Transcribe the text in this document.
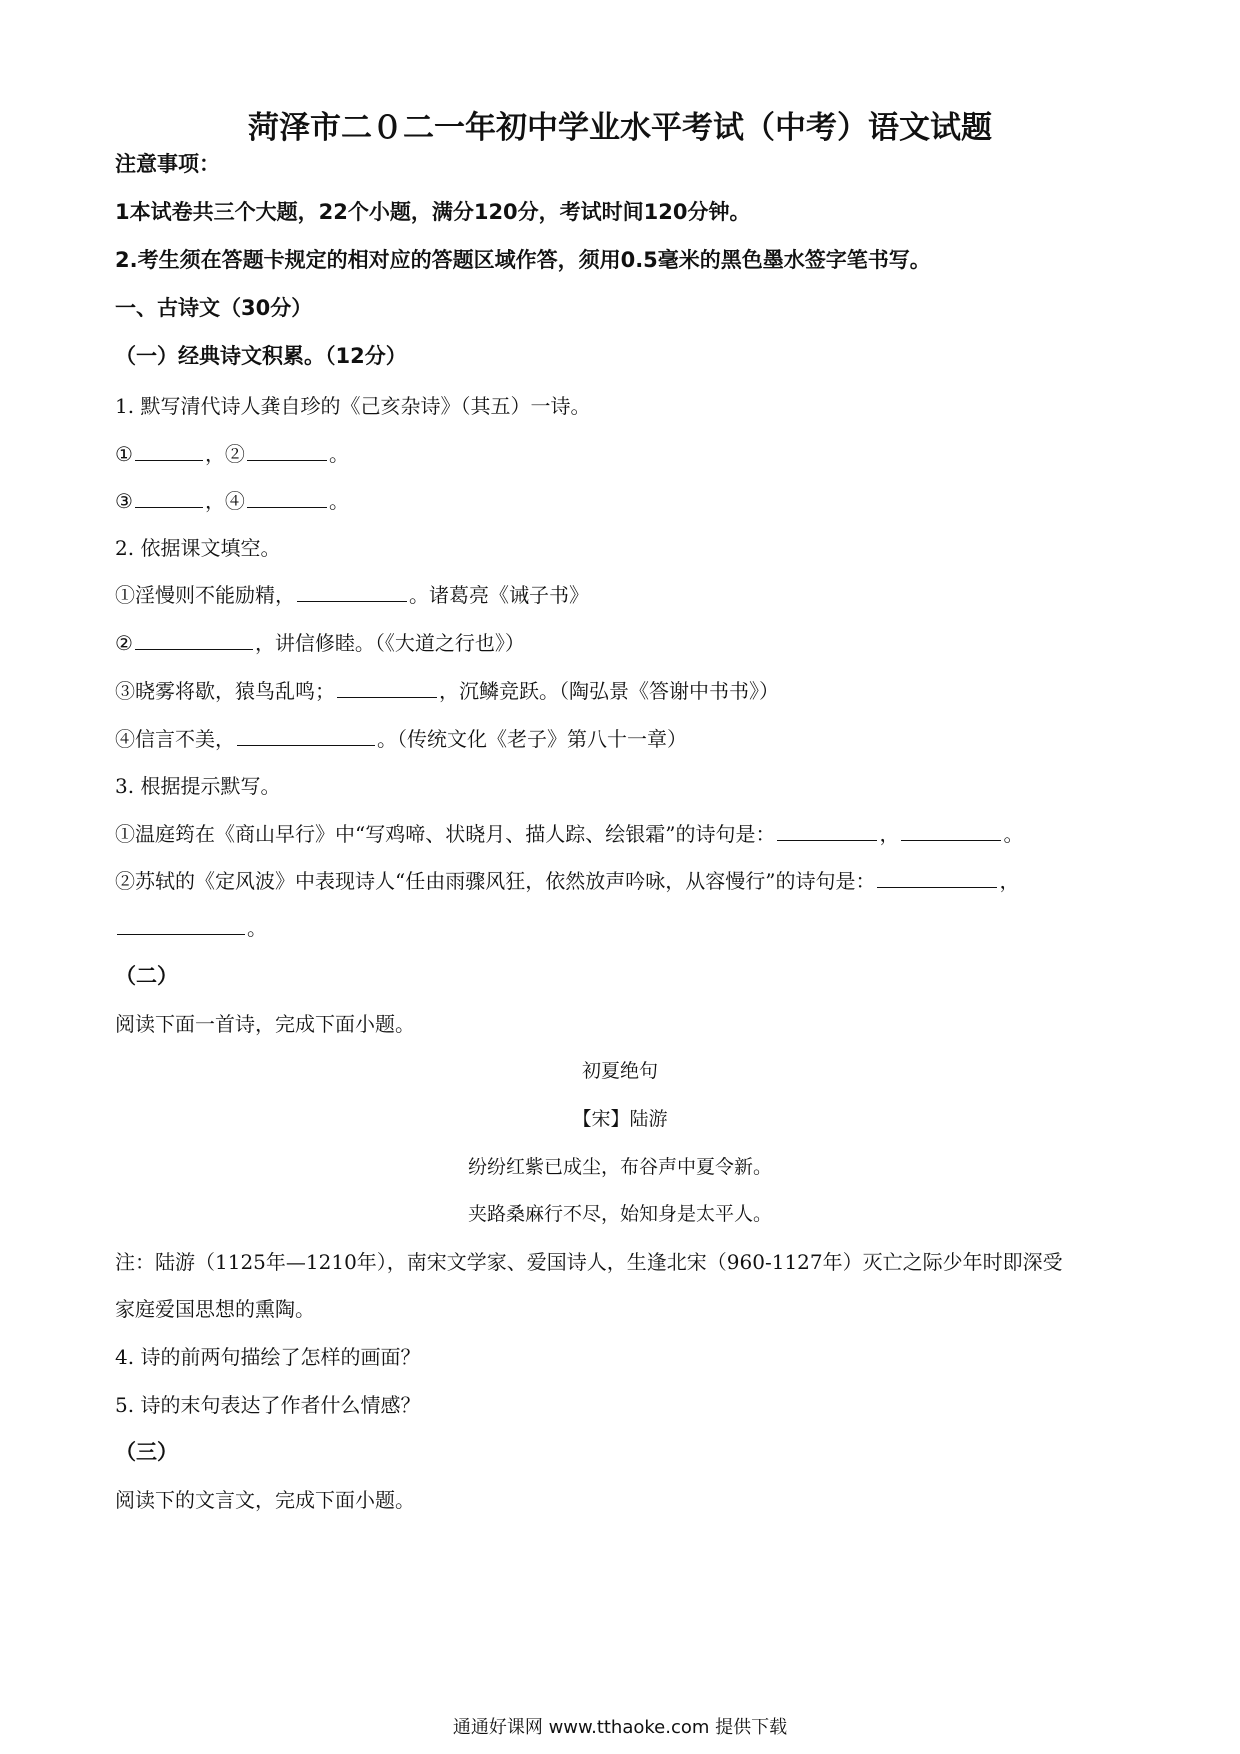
菏泽市二０二一年初中学业水平考试（中考）语文试题
注意事项：
1本试卷共三个大题，22个小题，满分120分，考试时间120分钟。
2.考生须在答题卡规定的相对应的答题区域作答，须用0.5毫米的黑色墨水签字笔书写。
一、古诗文（30分）
（一）经典诗文积累。（12分）
1. 默写清代诗人龚自珍的《己亥杂诗》（其五）一诗。
①	，②	。
③	，④	。
2. 依据课文填空。
①淫慢则不能励精，	。诸葛亮《诫子书》
②	，讲信修睦。（《大道之行也》）
③晓雾将歇，猿鸟乱鸣；	，沉鳞竞跃。（陶弘景《答谢中书书》）
④信言不美，	。（传统文化《老子》第八十一章）
3. 根据提示默写。
①温庭筠在《商山早行》中“写鸡啼、状晓月、描人踪、绘银霜”的诗句是：	，	。
②苏轼的《定风波》中表现诗人“任由雨骤风狂，依然放声吟咏，从容慢行”的诗句是：	，
。
（二）
阅读下面一首诗，完成下面小题。
初夏绝句
【宋】陆游
纷纷红紫已成尘，布谷声中夏令新。
夹路桑麻行不尽，始知身是太平人。
注：陆游（1125年—1210年），南宋文学家、爱国诗人，生逢北宋（960-1127年）灭亡之际少年时即深受
家庭爱国思想的熏陶。
4. 诗的前两句描绘了怎样的画面？
5. 诗的末句表达了作者什么情感？
（三）
阅读下的文言文，完成下面小题。
通通好课网 www.tthaoke.com 提供下载
